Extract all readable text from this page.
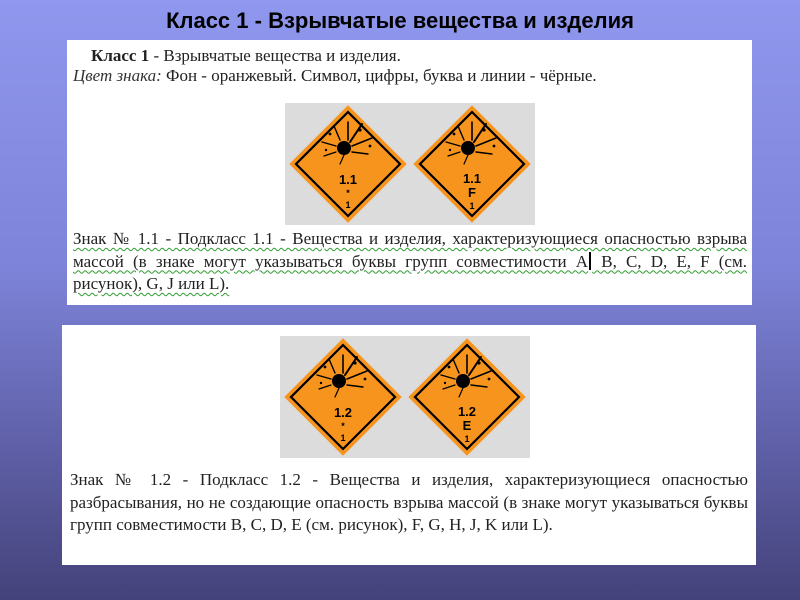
Класс 1 - Взрывчатые вещества и изделия
Класс 1 - Взрывчатые вещества и изделия.
Цвет знака: Фон - оранжевый. Символ, цифры, буква и линии - чёрные.
1.1
*
1
1.1
F
1

Знак № 1.1 - Подкласс 1.1 - Вещества и изделия, характеризующиеся опасностью взрыва массой (в знаке могут указываться буквы групп совместимости A B, C, D, E, F (см. рисунок), G, J или L).

1.2
*
1
1.2
E
1

Знак № 1.2 - Подкласс 1.2 - Вещества и изделия, характеризующиеся опасностью разбрасывания, но не создающие опасность взрыва массой (в знаке могут указываться буквы групп совместимости B, C, D, E (см. рисунок), F, G, H, J, K или L).
